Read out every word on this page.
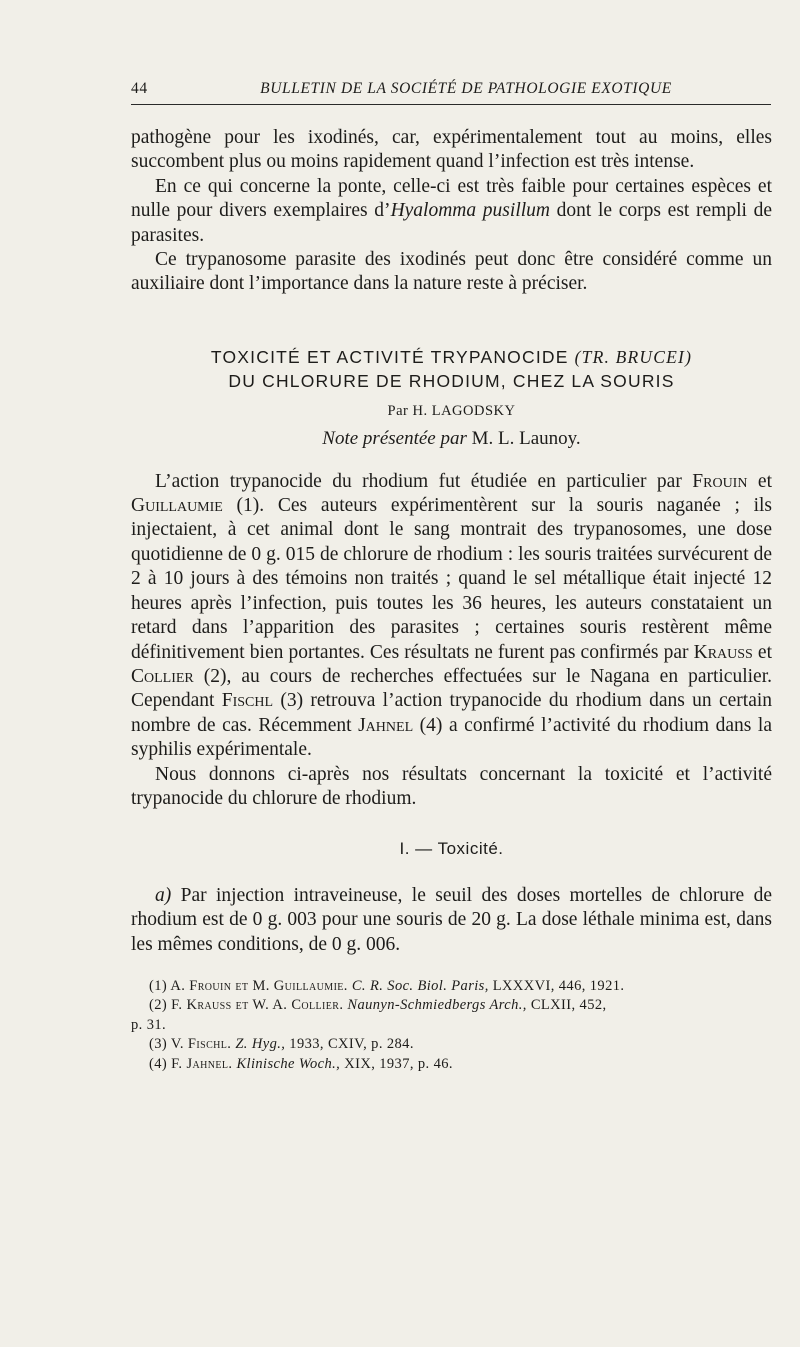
44	BULLETIN DE LA SOCIÉTÉ DE PATHOLOGIE EXOTIQUE

pathogène pour les ixodinés, car, expérimentalement tout au moins, elles succombent plus ou moins rapidement quand l’infection est très intense.

En ce qui concerne la ponte, celle-ci est très faible pour certaines espèces et nulle pour divers exemplaires d’Hyalomma pusillum dont le corps est rempli de parasites.

Ce trypanosome parasite des ixodinés peut donc être considéré comme un auxiliaire dont l’importance dans la nature reste à préciser.

TOXICITÉ ET ACTIVITÉ TRYPANOCIDE (TR. BRUCEI)
DU CHLORURE DE RHODIUM, CHEZ LA SOURIS
Par H. LAGODSKY
Note présentée par M. L. Launoy.

L’action trypanocide du rhodium fut étudiée en particulier par Frouin et Guillaumie (1). Ces auteurs expérimentèrent sur la souris naganée ; ils injectaient, à cet animal dont le sang montrait des trypanosomes, une dose quotidienne de 0 g. 015 de chlorure de rhodium : les souris traitées survécurent de 2 à 10 jours à des témoins non traités ; quand le sel métallique était injecté 12 heures après l’infection, puis toutes les 36 heures, les auteurs constataient un retard dans l’apparition des parasites ; certaines souris restèrent même définitivement bien portantes. Ces résultats ne furent pas confirmés par Krauss et Collier (2), au cours de recherches effectuées sur le Nagana en particulier. Cependant Fischl (3) retrouva l’action trypanocide du rhodium dans un certain nombre de cas. Récemment Jahnel (4) a confirmé l’activité du rhodium dans la syphilis expérimentale.

Nous donnons ci-après nos résultats concernant la toxicité et l’activité trypanocide du chlorure de rhodium.

I. — Toxicité.

a) Par injection intraveineuse, le seuil des doses mortelles de chlorure de rhodium est de 0 g. 003 pour une souris de 20 g. La dose léthale minima est, dans les mêmes conditions, de 0 g. 006.

(1) A. Frouin et M. Guillaumie. C. R. Soc. Biol. Paris, LXXXVI, 446, 1921.
(2) F. Krauss et W. A. Collier. Naunyn-Schmiedbergs Arch., CLXII, 452,
p. 31.
(3) V. Fischl. Z. Hyg., 1933, CXIV, p. 284.
(4) F. Jahnel. Klinische Woch., XIX, 1937, p. 46.
